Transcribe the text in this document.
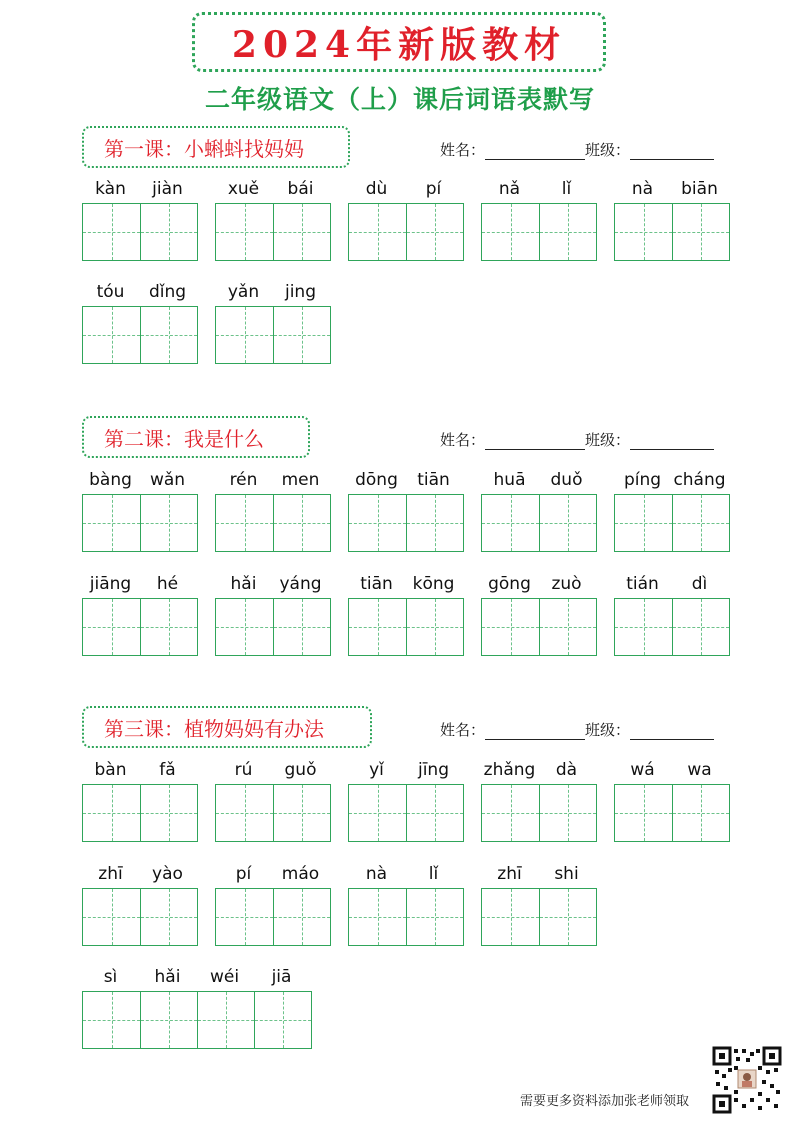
2024年新版教材
二年级语文（上）课后词语表默写
第一课：小蝌蚪找妈妈	姓名：	班级：
kàn	jiàn	xuě	bái	dù	pí	nǎ	lǐ	nà	biān
tóu	dǐng	yǎn	jing
第二课：我是什么	姓名：	班级：
bàng	wǎn	rén	men	dōng	tiān	huā	duǒ	píng cháng
jiāng	hé	hǎi	yáng	tiān	kōng	gōng	zuò	tián	dì
第三课：植物妈妈有办法	姓名：	班级：
bàn	fǎ	rú	guǒ	yǐ	jīng	zhǎng	dà	wá	wa
zhī	yào	pí	máo	nà	lǐ	zhī	shi
sì	hǎi	wéi	jiā
需要更多资料添加张老师领取
